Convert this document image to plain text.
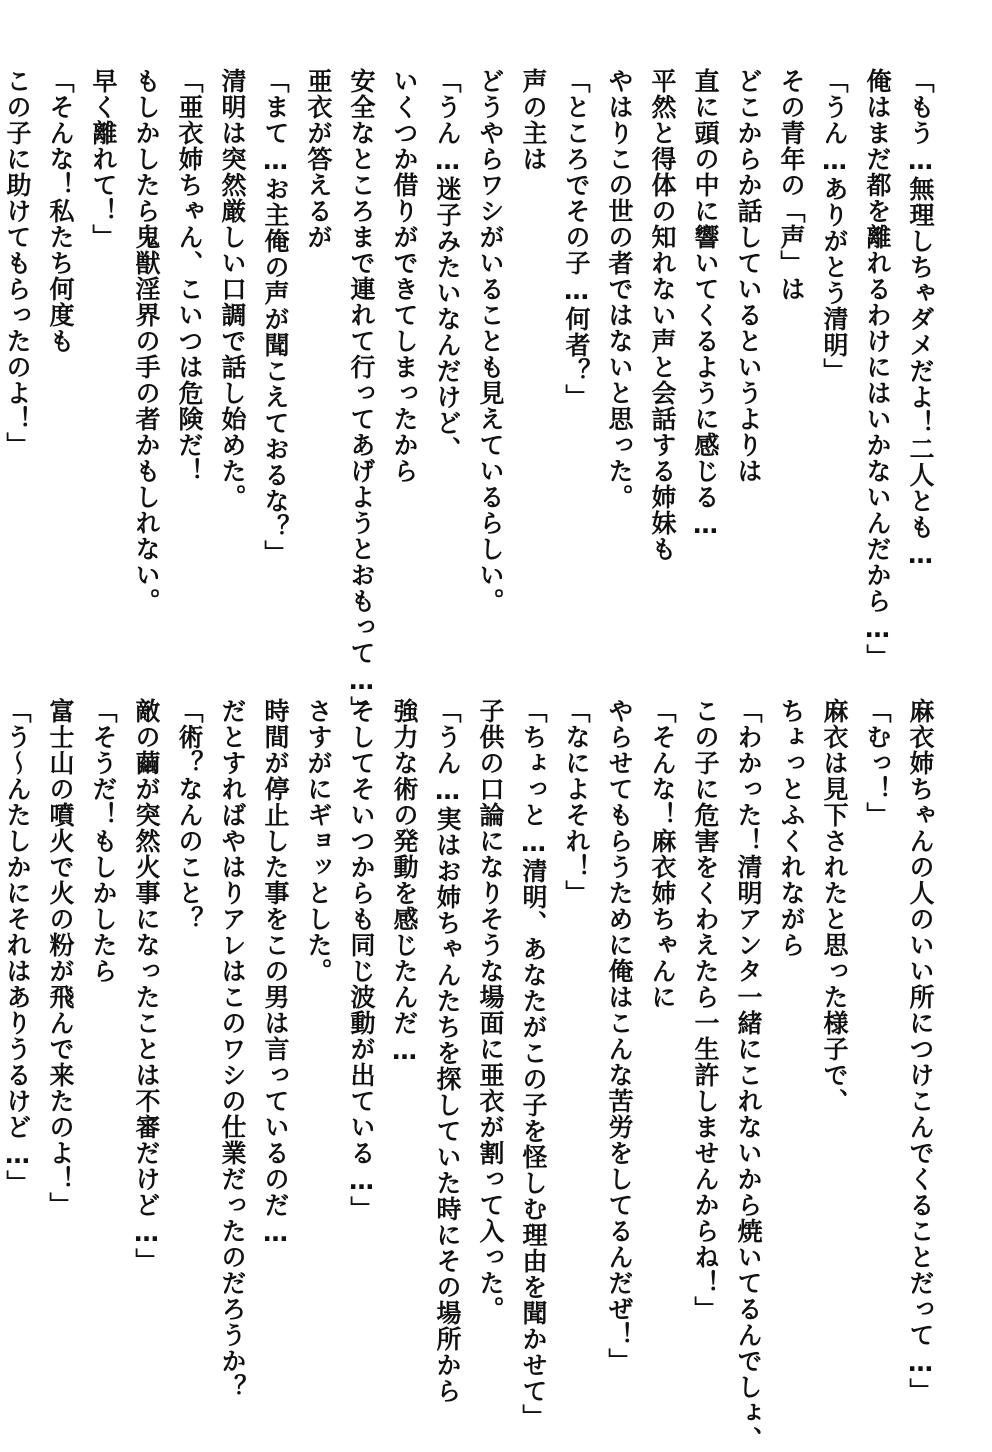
「もう…無理しちゃダメだよ！二人とも…
俺はまだ都を離れるわけにはいかないんだから…」
「うん…ありがとう清明」
その青年の「声」は
どこからか話しているというよりは
直に頭の中に響いてくるように感じる…
平然と得体の知れない声と会話する姉妹も
やはりこの世の者ではないと思った。
「ところでその子…何者？」
声の主は
どうやらワシがいることも見えているらしい。
「うん…迷子みたいなんだけど、
いくつか借りができてしまったから
安全なところまで連れて行ってあげようとおもって…」
亜衣が答えるが
「まて…お主俺の声が聞こえておるな？」
清明は突然厳しい口調で話し始めた。
「亜衣姉ちゃん、こいつは危険だ！
もしかしたら鬼獣淫界の手の者かもしれない。
早く離れて！」
「そんな！私たち何度も
この子に助けてもらったのよ！」
麻衣姉ちゃんの人のいい所につけこんでくることだって…」
「むっ！」
麻衣は見下されたと思った様子で、
ちょっとふくれながら
「わかった！清明アンタ一緒にこれないから焼いてるんでしょ、
この子に危害をくわえたら一生許しませんからね！」
「そんな！麻衣姉ちゃんに
やらせてもらうために俺はこんな苦労をしてるんだぜ！」
「なによそれ！」
「ちょっと…清明、あなたがこの子を怪しむ理由を聞かせて」
子供の口論になりそうな場面に亜衣が割って入った。
「うん…実はお姉ちゃんたちを探していた時にその場所から
強力な術の発動を感じたんだ…
そしてそいつからも同じ波動が出ている…」
さすがにギョッとした。
時間が停止した事をこの男は言っているのだ…
だとすればやはりアレはこのワシの仕業だったのだろうか？
「術？なんのこと？
敵の繭が突然火事になったことは不審だけど…」
「そうだ！もしかしたら
富士山の噴火で火の粉が飛んで来たのよ！」
「う～んたしかにそれはありうるけど…」
